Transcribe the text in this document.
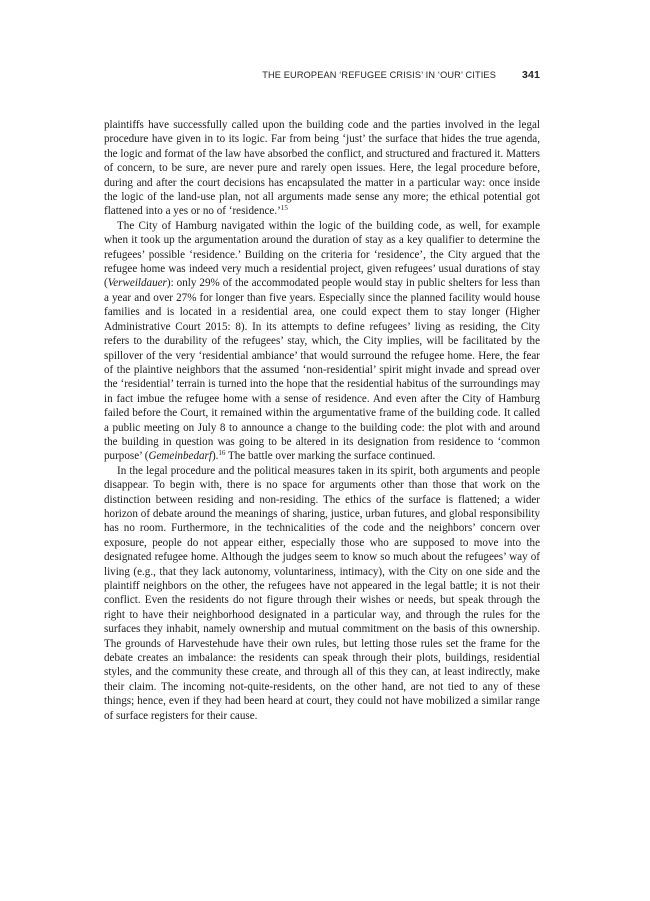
THE EUROPEAN ‘REFUGEE CRISIS’ IN ‘OUR’ CITIES 341

plaintiffs have successfully called upon the building code and the parties involved in the legal procedure have given in to its logic. Far from being ‘just’ the surface that hides the true agenda, the logic and format of the law have absorbed the conflict, and structured and fractured it. Matters of concern, to be sure, are never pure and rarely open issues. Here, the legal procedure before, during and after the court decisions has encapsulated the matter in a particular way: once inside the logic of the land-use plan, not all arguments made sense any more; the ethical potential got flattened into a yes or no of ‘residence.’$^{15}$

The City of Hamburg navigated within the logic of the building code, as well, for example when it took up the argumentation around the duration of stay as a key qualifier to determine the refugees’ possible ‘residence.’ Building on the criteria for ‘residence’, the City argued that the refugee home was indeed very much a residential project, given refugees’ usual durations of stay (Verweildauer): only 29% of the accommodated people would stay in public shelters for less than a year and over 27% for longer than five years. Especially since the planned facility would house families and is located in a residential area, one could expect them to stay longer (Higher Administrative Court 2015: 8). In its attempts to define refugees’ living as residing, the City refers to the durability of the refugees’ stay, which, the City implies, will be facilitated by the spillover of the very ‘residential ambiance’ that would surround the refugee home. Here, the fear of the plaintive neighbors that the assumed ‘non-residential’ spirit might invade and spread over the ‘residential’ terrain is turned into the hope that the residential habitus of the surroundings may in fact imbue the refugee home with a sense of residence. And even after the City of Hamburg failed before the Court, it remained within the argumentative frame of the building code. It called a public meeting on July 8 to announce a change to the building code: the plot with and around the building in question was going to be altered in its designation from residence to ‘common purpose’ (Gemeinbedarf).$^{16}$ The battle over marking the surface continued.

In the legal procedure and the political measures taken in its spirit, both arguments and people disappear. To begin with, there is no space for arguments other than those that work on the distinction between residing and non-residing. The ethics of the surface is flattened; a wider horizon of debate around the meanings of sharing, justice, urban futures, and global responsibility has no room. Furthermore, in the technicalities of the code and the neighbors’ concern over exposure, people do not appear either, especially those who are supposed to move into the designated refugee home. Although the judges seem to know so much about the refugees’ way of living (e.g., that they lack autonomy, voluntariness, intimacy), with the City on one side and the plaintiff neighbors on the other, the refugees have not appeared in the legal battle; it is not their conflict. Even the residents do not figure through their wishes or needs, but speak through the right to have their neighborhood designated in a particular way, and through the rules for the surfaces they inhabit, namely ownership and mutual commitment on the basis of this ownership. The grounds of Harvestehude have their own rules, but letting those rules set the frame for the debate creates an imbalance: the residents can speak through their plots, buildings, residential styles, and the community these create, and through all of this they can, at least indirectly, make their claim. The incoming not-quite-residents, on the other hand, are not tied to any of these things; hence, even if they had been heard at court, they could not have mobilized a similar range of surface registers for their cause.
